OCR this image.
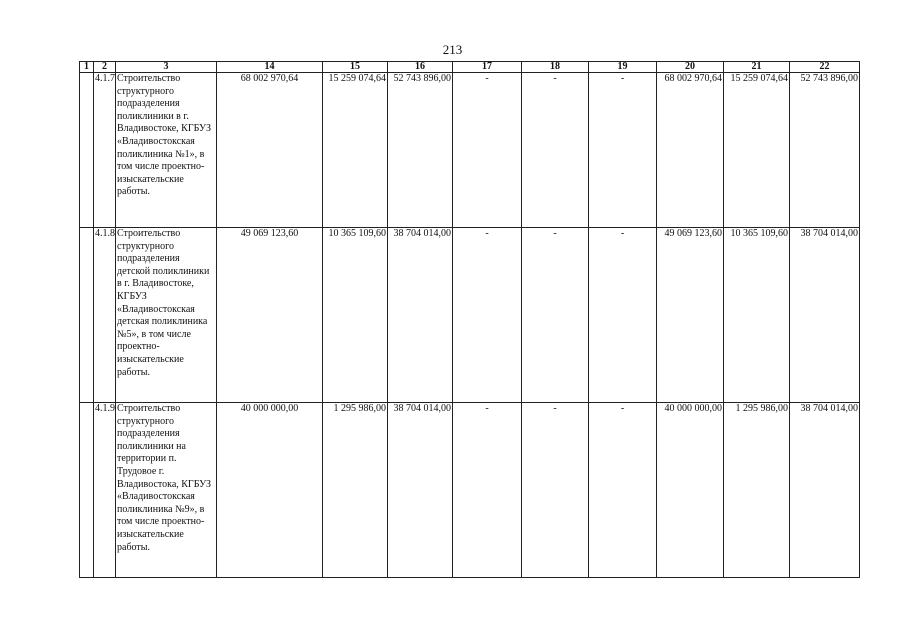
213
1	2	3	14	15	16	17	18	19	20	21	22
	4.1.7	Строительство структурного подразделения поликлиники в г. Владивостоке, КГБУЗ «Владивостокская поликлиника №1», в том числе проектно-изыскательские работы.	68 002 970,64	15 259 074,64	52 743 896,00	-	-	-	68 002 970,64	15 259 074,64	52 743 896,00
	4.1.8	Строительство структурного подразделения детской поликлиники в г. Владивостоке, КГБУЗ «Владивостокская детская поликлиника №5», в том числе проектно-изыскательские работы.	49 069 123,60	10 365 109,60	38 704 014,00	-	-	-	49 069 123,60	10 365 109,60	38 704 014,00
	4.1.9	Строительство структурного подразделения поликлиники на территории п. Трудовое г. Владивостока, КГБУЗ «Владивостокская поликлиника №9», в том числе проектно-изыскательские работы.	40 000 000,00	1 295 986,00	38 704 014,00	-	-	-	40 000 000,00	1 295 986,00	38 704 014,00
